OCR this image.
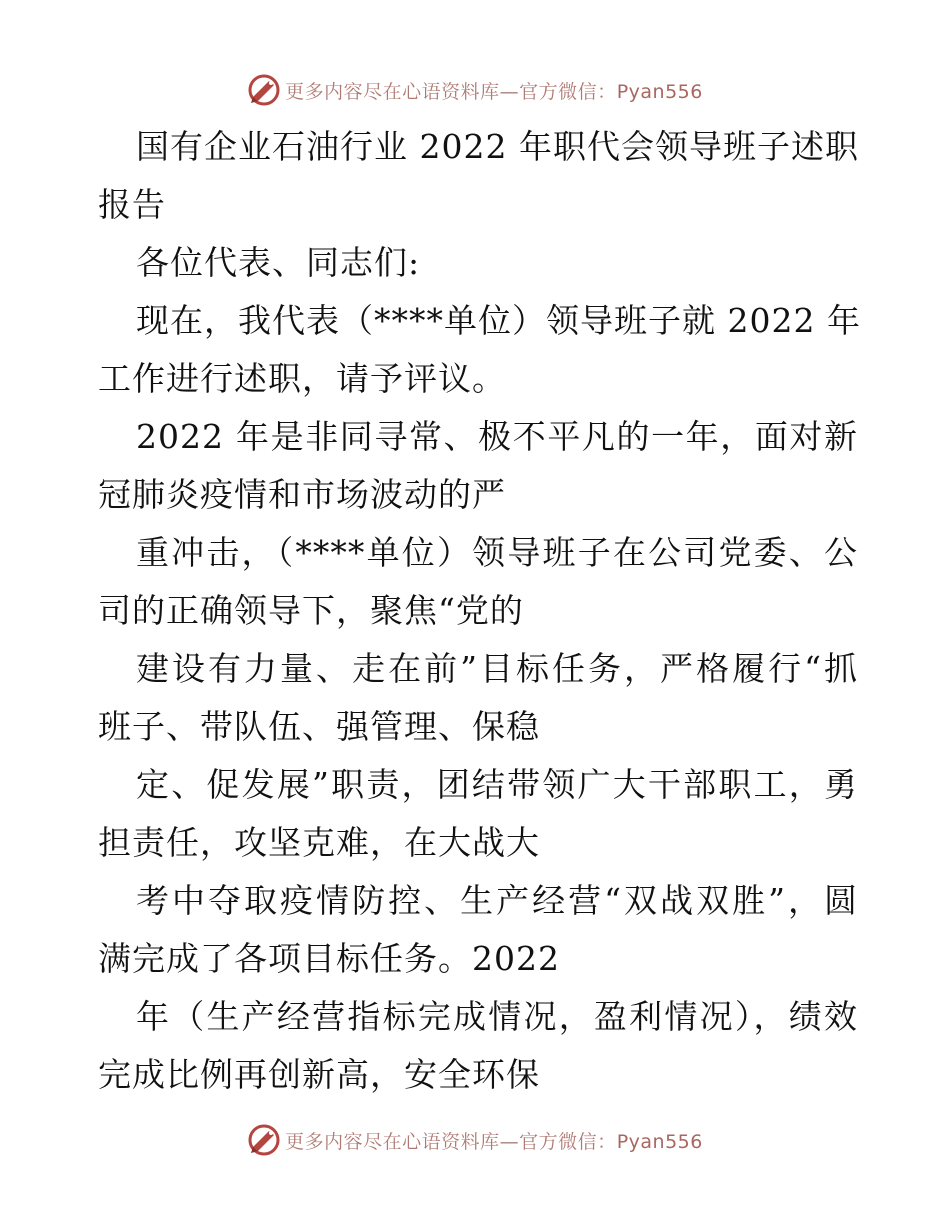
更多内容尽在心语资料库—官方微信：Pyan556
国有企业石油行业 2022 年职代会领导班子述职
报告
各位代表、同志们:
现在，我代表（****单位）领导班子就 2022 年
工作进行述职，请予评议。
2022 年是非同寻常、极不平凡的一年，面对新
冠肺炎疫情和市场波动的严
重冲击，（****单位）领导班子在公司党委、公
司的正确领导下，聚焦“党的
建设有力量、走在前”目标任务，严格履行“抓
班子、带队伍、强管理、保稳
定、促发展”职责，团结带领广大干部职工，勇
担责任，攻坚克难，在大战大
考中夺取疫情防控、生产经营“双战双胜”，圆
满完成了各项目标任务。2022
年（生产经营指标完成情况，盈利情况），绩效
完成比例再创新高，安全环保
更多内容尽在心语资料库—官方微信：Pyan556
